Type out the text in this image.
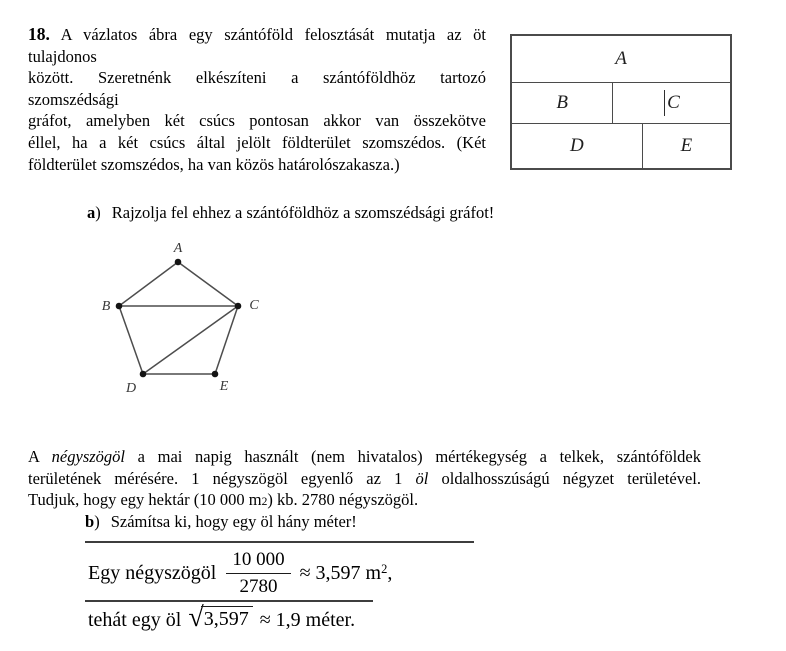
18. A vázlatos ábra egy szántóföld felosztását mutatja az öt
tulajdonos
között. Szeretnénk elkészíteni a szántóföldhöz tartozó
szomszédsági
gráfot, amelyben két csúcs pontosan akkor van összekötve
éllel, ha a két csúcs által jelölt földterület szomszédos. (Két
földterület szomszédos, ha van közös határolószakasza.)
A
B	C
D	E
a) Rajzolja fel ehhez a szántóföldhöz a szomszédsági gráfot!
A
B	C
D	E
A négyszögöl a mai napig használt (nem hivatalos) mértékegység a telkek, szántóföldek
területének mérésére. 1 négyszögöl egyenlő az 1 öl oldalhosszúságú négyzet területével.
Tudjuk, hogy egy hektár (10 000 m2) kb. 2780 négyszögöl.
b) Számítsa ki, hogy egy öl hány méter!
Egy négyszögöl $\frac{10 000}{2780} \approx 3,597$ $m^2$,
tehát egy öl √ 3,597 ≈ 1,9 méter.
